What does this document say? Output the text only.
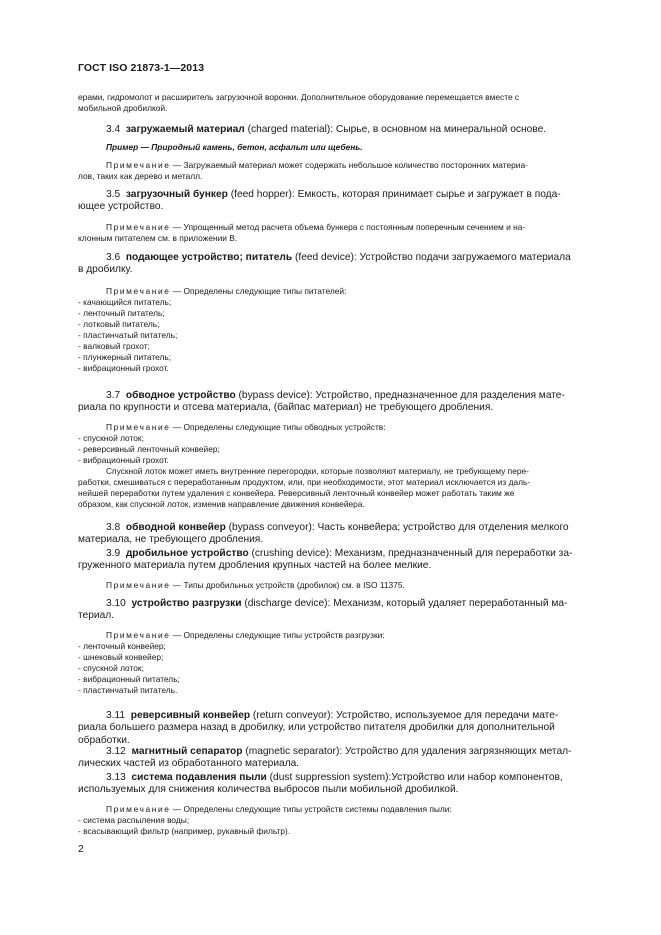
ГОСТ ISO 21873-1—2013
ерами, гидромолот и расширитель загрузочной воронки. Дополнительное оборудование перемещается вместе с
мобильной дробилкой.
3.4 загружаемый материал (charged material): Сырье, в основном на минеральной основе.
Пример — Природный камень, бетон, асфальт или щебень.
Примечание — Загружаемый материал может содержать небольшое количество посторонних материа-
лов, таких как дерево и металл.
3.5 загрузочный бункер (feed hopper): Емкость, которая принимает сырье и загружает в пода-
ющее устройство.
Примечание — Упрощенный метод расчета объема бункера с постоянным поперечным сечением и на-
клонным питателем см. в приложении В.
3.6 подающее устройство; питатель (feed device): Устройство подачи загружаемого материала
в дробилку.
Примечание — Определены следующие типы питателей:
- качающийся питатель;
- ленточный питатель;
- лотковый питатель;
- пластинчатый питатель;
- валковый грохот;
- плунжерный питатель;
- вибрационный грохот.
3.7 обводное устройство (bypass device): Устройство, предназначенное для разделения мате-
риала по крупности и отсева материала, (байпас материал) не требующего дробления.
Примечание — Определены следующие типы обводных устройств:
- спускной лоток;
- реверсивный ленточный конвейер;
- вибрационный грохот.
Спускной лоток может иметь внутренние перегородки, которые позволяют материалу, не требующему пере-
работки, смешиваться с переработанным продуктом, или, при необходимости, этот материал исключается из даль-
нейшей переработки путем удаления с конвейера. Реверсивный ленточный конвейер может работать таким же
образом, как спускной лоток, изменив направление движения конвейера.
3.8 обводной конвейер (bypass conveyor): Часть конвейера; устройство для отделения мелкого
материала, не требующего дробления.
3.9 дробильное устройство (crushing device): Механизм, предназначенный для переработки за-
груженного материала путем дробления крупных частей на более мелкие.
Примечание — Типы дробильных устройств (дробилок) см. в ISO 11375.
3.10 устройство разгрузки (discharge device): Механизм, который удаляет переработанный ма-
териал.
Примечание — Определены следующие типы устройств разгрузки:
- ленточный конвейер;
- шнековый конвейер;
- спускной лоток;
- вибрационный питатель;
- пластинчатый питатель.
3.11 реверсивный конвейер (return conveyor): Устройство, используемое для передачи мате-
риала большего размера назад в дробилку, или устройство питателя дробилки для дополнительной
обработки.
3.12 магнитный сепаратор (magnetic separator): Устройство для удаления загрязняющих метал-
лических частей из обработанного материала.
3.13 система подавления пыли (dust suppression system):Устройство или набор компонентов,
используемых для снижения количества выбросов пыли мобильной дробилкой.
Примечание — Определены следующие типы устройств системы подавления пыли:
- система распыления воды;
- всасывающий фильтр (например, рукавный фильтр).
2
